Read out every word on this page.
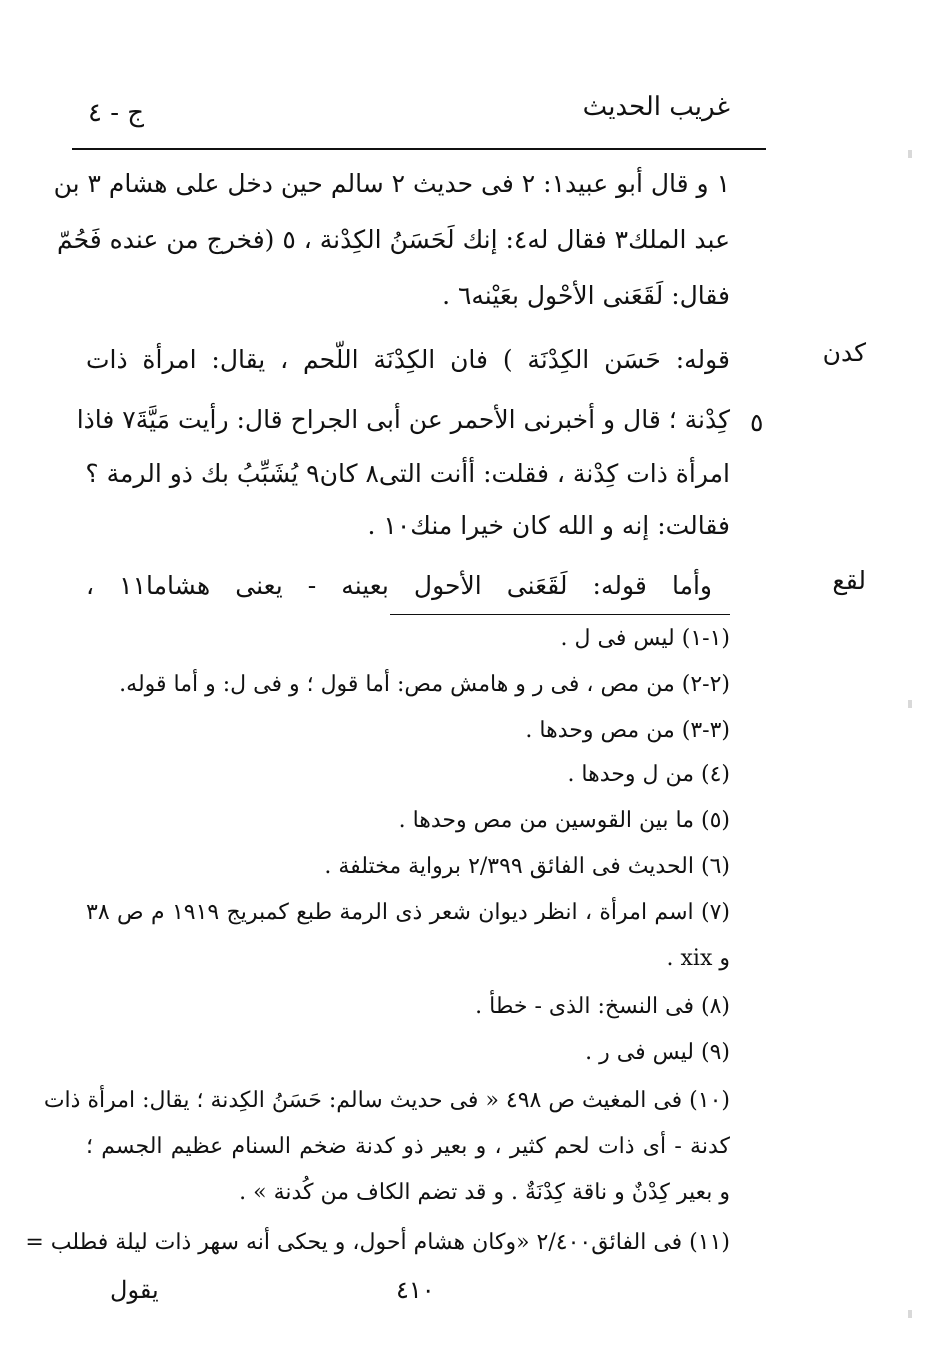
غريب الحديث
ج - ٤
١ و قال أبو عبيد١: ٢ فى حديث ٢ سالم حين دخل على هشام ٣ بن
عبد الملك٣ فقال له٤: إنك لَحَسَنُ الكِدْنة ، ٥ (فخرج من عنده فَحُمّ
فقال: لَقَعَنى الأحْول بعَيْنه٦ .
قوله: حَسَن الكِدْنَة ) فان الكِدْنَة اللّحم ، يقال: امرأة ذات
كِدْنة ؛ قال و أخبرنى الأحمر عن أبى الجراح قال: رأيت مَيَّةَ٧ فاذا
امرأة ذات كِدْنة ، فقلت: أأنت التى٨ كان٩ يُشَبِّبُ بك ذو الرمة ؟
فقالت: إنه و الله كان خيرا منك١٠ .
وأما قوله: لَقَعَنى الأحول بعينه - يعنى هشاما١١ ،
كدن
لقع
٥
(١-١) ليس فى ل .
(٢-٢) من مص ، فى ر و هامش مص: أما قول ؛ و فى ل: و أما قوله.
(٣-٣) من مص وحدها .
(٤) من ل وحدها .
(٥) ما بين القوسين من مص وحدها .
(٦) الحديث فى الفائق ٢/٣٩٩ برواية مختلفة .
(٧) اسم امرأة ، انظر ديوان شعر ذى الرمة طبع كمبريج ١٩١٩ م ص ٣٨
و xix .
(٨) فى النسخ: الذى - خطأ .
(٩) ليس فى ر .
(١٠) فى المغيث ص ٤٩٨ « فى حديث سالم: حَسَنُ الكِدنة ؛ يقال: امرأة ذات
كدنة - أى ذات لحم كثير ، و بعير ذو كدنة ضخم السنام عظيم الجسم ؛
و بعير كِدْنٌ و ناقة كِدْنَةٌ . و قد تضم الكاف من كُدنة » .
(١١) فى الفائق٢/٤٠٠ «وكان هشام أحول، و يحكى أنه سهر ذات ليلة فطلب =
٤١٠
يقول
